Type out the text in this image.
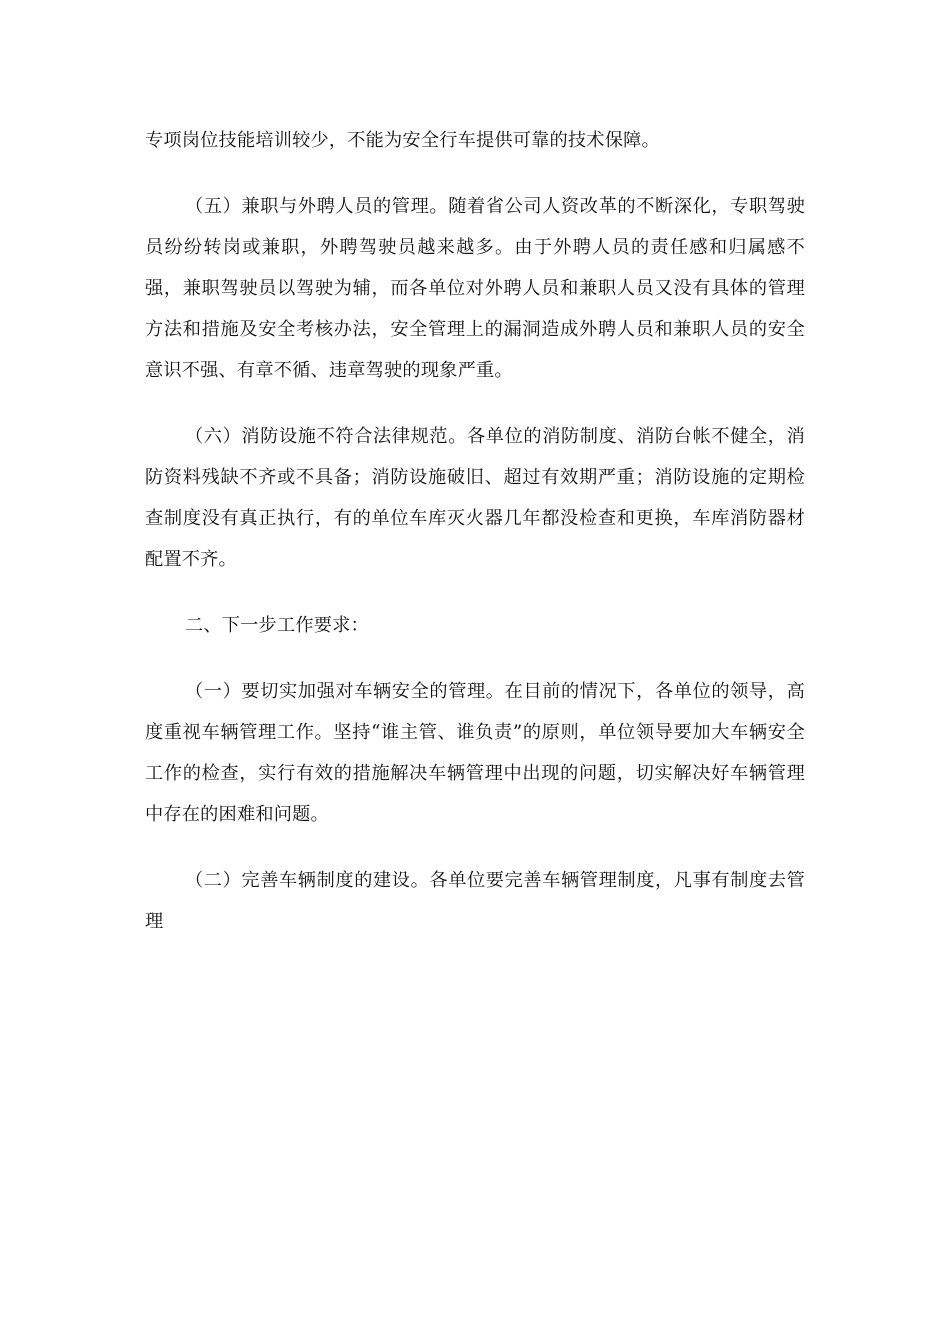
专项岗位技能培训较少，不能为安全行车提供可靠的技术保障。

（五）兼职与外聘人员的管理。随着省公司人资改革的不断深化，专职驾驶员纷纷转岗或兼职，外聘驾驶员越来越多。由于外聘人员的责任感和归属感不强，兼职驾驶员以驾驶为辅，而各单位对外聘人员和兼职人员又没有具体的管理方法和措施及安全考核办法，安全管理上的漏洞造成外聘人员和兼职人员的安全意识不强、有章不循、违章驾驶的现象严重。

（六）消防设施不符合法律规范。各单位的消防制度、消防台帐不健全，消防资料残缺不齐或不具备；消防设施破旧、超过有效期严重；消防设施的定期检查制度没有真正执行，有的单位车库灭火器几年都没检查和更换，车库消防器材配置不齐。

二、下一步工作要求：

（一）要切实加强对车辆安全的管理。在目前的情况下，各单位的领导，高度重视车辆管理工作。坚持“谁主管、谁负责”的原则，单位领导要加大车辆安全工作的检查，实行有效的措施解决车辆管理中出现的问题，切实解决好车辆管理中存在的困难和问题。

（二）完善车辆制度的建设。各单位要完善车辆管理制度，凡事有制度去管理
